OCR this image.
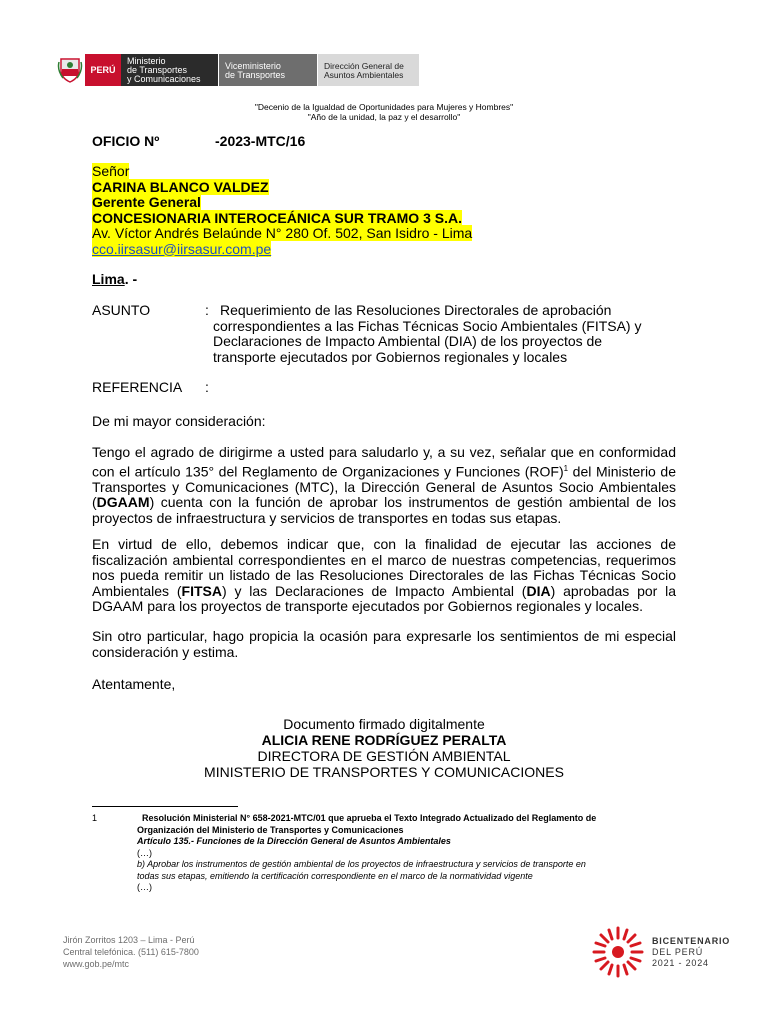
PERÚ
Ministerio
de Transportes
y Comunicaciones
Viceministerio
de Transportes
Dirección General de
Asuntos Ambientales
"Decenio de la Igualdad de Oportunidades para Mujeres y Hombres"
"Año de la unidad, la paz y el desarrollo"
OFICIO Nº	-2023-MTC/16
Señor
CARINA BLANCO VALDEZ
Gerente General
CONCESIONARIA INTEROCEÁNICA SUR TRAMO 3 S.A.
Av. Víctor Andrés Belaúnde N° 280 Of. 502, San Isidro - Lima
cco.iirsasur@iirsasur.com.pe
Lima. -
ASUNTO	: Requerimiento de las Resoluciones Directorales de aprobación
correspondientes a las Fichas Técnicas Socio Ambientales (FITSA) y
Declaraciones de Impacto Ambiental (DIA) de los proyectos de
transporte ejecutados por Gobiernos regionales y locales
REFERENCIA :
De mi mayor consideración:
Tengo el agrado de dirigirme a usted para saludarlo y, a su vez, señalar que en conformidad con el artículo 135° del Reglamento de Organizaciones y Funciones (ROF)$^1$ del Ministerio de Transportes y Comunicaciones (MTC), la Dirección General de Asuntos Socio Ambientales (DGAAM) cuenta con la función de aprobar los instrumentos de gestión ambiental de los proyectos de infraestructura y servicios de transportes en todas sus etapas.
En virtud de ello, debemos indicar que, con la finalidad de ejecutar las acciones de fiscalización ambiental correspondientes en el marco de nuestras competencias, requerimos nos pueda remitir un listado de las Resoluciones Directorales de las Fichas Técnicas Socio Ambientales (FITSA) y las Declaraciones de Impacto Ambiental (DIA) aprobadas por la DGAAM para los proyectos de transporte ejecutados por Gobiernos regionales y locales.
Sin otro particular, hago propicia la ocasión para expresarle los sentimientos de mi especial consideración y estima.
Atentamente,
Documento firmado digitalmente
ALICIA RENE RODRÍGUEZ PERALTA
DIRECTORA DE GESTIÓN AMBIENTAL
MINISTERIO DE TRANSPORTES Y COMUNICACIONES
1	Resolución Ministerial N° 658-2021-MTC/01 que aprueba el Texto Integrado Actualizado del Reglamento de
Organización del Ministerio de Transportes y Comunicaciones
Artículo 135.- Funciones de la Dirección General de Asuntos Ambientales
(…)
b) Aprobar los instrumentos de gestión ambiental de los proyectos de infraestructura y servicios de transporte en
todas sus etapas, emitiendo la certificación correspondiente en el marco de la normatividad vigente
(…)
Jirón Zorritos 1203 – Lima - Perú
Central telefónica. (511) 615-7800
www.gob.pe/mtc
BICENTENARIO
DEL PERÚ
2021 - 2024
